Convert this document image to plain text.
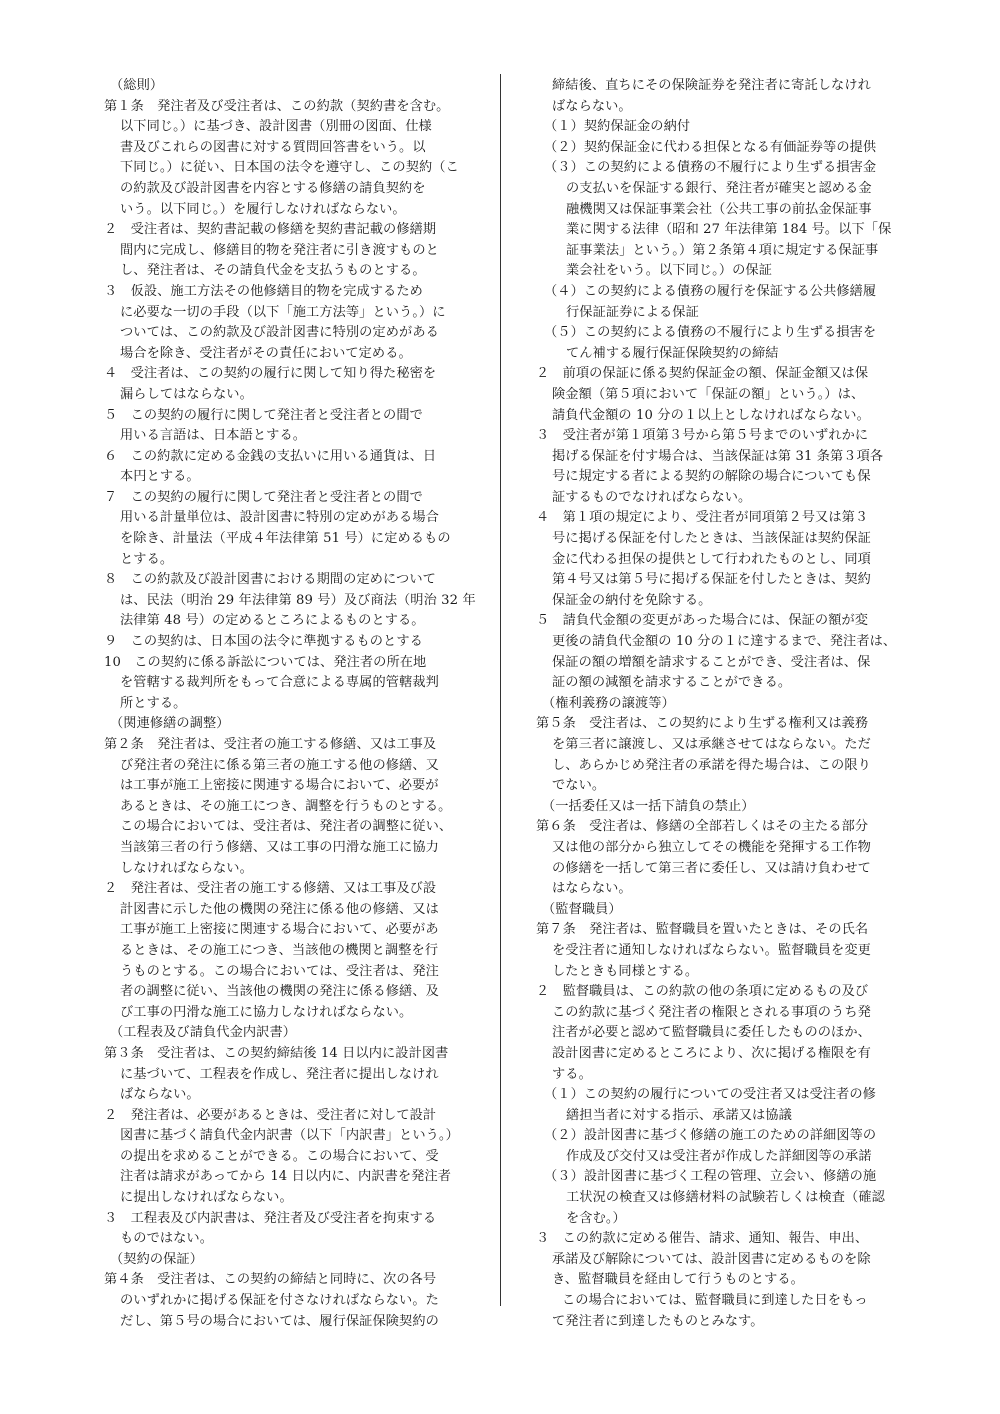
（総則）
第１条　発注者及び受注者は、この約款（契約書を含む。
以下同じ。）に基づき、設計図書（別冊の図面、仕様
書及びこれらの図書に対する質問回答書をいう。以
下同じ。）に従い、日本国の法令を遵守し、この契約（こ
の約款及び設計図書を内容とする修繕の請負契約を
いう。以下同じ。）を履行しなければならない。
２　受注者は、契約書記載の修繕を契約書記載の修繕期
間内に完成し、修繕目的物を発注者に引き渡すものと
し、発注者は、その請負代金を支払うものとする。
３　仮設、施工方法その他修繕目的物を完成するため
に必要な一切の手段（以下「施工方法等」という。）に
ついては、この約款及び設計図書に特別の定めがある
場合を除き、受注者がその責任において定める。
４　受注者は、この契約の履行に関して知り得た秘密を
漏らしてはならない。
５　この契約の履行に関して発注者と受注者との間で
用いる言語は、日本語とする。
６　この約款に定める金銭の支払いに用いる通貨は、日
本円とする。
７　この契約の履行に関して発注者と受注者との間で
用いる計量単位は、設計図書に特別の定めがある場合
を除き、計量法（平成４年法律第 51 号）に定めるもの
とする。
８　この約款及び設計図書における期間の定めについて
は、民法（明治 29 年法律第 89 号）及び商法（明治 32 年
法律第 48 号）の定めるところによるものとする。
９　この契約は、日本国の法令に準拠するものとする
10　この契約に係る訴訟については、発注者の所在地
を管轄する裁判所をもって合意による専属的管轄裁判
所とする。
（関連修繕の調整）
第２条　発注者は、受注者の施工する修繕、又は工事及
び発注者の発注に係る第三者の施工する他の修繕、又
は工事が施工上密接に関連する場合において、必要が
あるときは、その施工につき、調整を行うものとする。
この場合においては、受注者は、発注者の調整に従い、
当該第三者の行う修繕、又は工事の円滑な施工に協力
しなければならない。
２　発注者は、受注者の施工する修繕、又は工事及び設
計図書に示した他の機関の発注に係る他の修繕、又は
工事が施工上密接に関連する場合において、必要があ
るときは、その施工につき、当該他の機関と調整を行
うものとする。この場合においては、受注者は、発注
者の調整に従い、当該他の機関の発注に係る修繕、及
び工事の円滑な施工に協力しなければならない。
（工程表及び請負代金内訳書）
第３条　受注者は、この契約締結後 14 日以内に設計図書
に基づいて、工程表を作成し、発注者に提出しなけれ
ばならない。
２　発注者は、必要があるときは、受注者に対して設計
図書に基づく請負代金内訳書（以下「内訳書」という。）
の提出を求めることができる。この場合において、受
注者は請求があってから 14 日以内に、内訳書を発注者
に提出しなければならない。
３　工程表及び内訳書は、発注者及び受注者を拘束する
ものではない。
（契約の保証）
第４条　受注者は、この契約の締結と同時に、次の各号
のいずれかに掲げる保証を付さなければならない。た
だし、第５号の場合においては、履行保証保険契約の
締結後、直ちにその保険証券を発注者に寄託しなけれ
ばならない。
（１）契約保証金の納付
（２）契約保証金に代わる担保となる有価証券等の提供
（３）この契約による債務の不履行により生ずる損害金
の支払いを保証する銀行、発注者が確実と認める金
融機関又は保証事業会社（公共工事の前払金保証事
業に関する法律（昭和 27 年法律第 184 号。以下「保
証事業法」という。）第２条第４項に規定する保証事
業会社をいう。以下同じ。）の保証
（４）この契約による債務の履行を保証する公共修繕履
行保証証券による保証
（５）この契約による債務の不履行により生ずる損害を
てん補する履行保証保険契約の締結
２　前項の保証に係る契約保証金の額、保証金額又は保
険金額（第５項において「保証の額」という。）は、
請負代金額の 10 分の１以上としなければならない。
３　受注者が第１項第３号から第５号までのいずれかに
掲げる保証を付す場合は、当該保証は第 31 条第３項各
号に規定する者による契約の解除の場合についても保
証するものでなければならない。
４　第１項の規定により、受注者が同項第２号又は第３
号に掲げる保証を付したときは、当該保証は契約保証
金に代わる担保の提供として行われたものとし、同項
第４号又は第５号に掲げる保証を付したときは、契約
保証金の納付を免除する。
５　請負代金額の変更があった場合には、保証の額が変
更後の請負代金額の 10 分の１に達するまで、発注者は、
保証の額の増額を請求することができ、受注者は、保
証の額の減額を請求することができる。
（権利義務の譲渡等）
第５条　受注者は、この契約により生ずる権利又は義務
を第三者に譲渡し、又は承継させてはならない。ただ
し、あらかじめ発注者の承諾を得た場合は、この限り
でない。
（一括委任又は一括下請負の禁止）
第６条　受注者は、修繕の全部若しくはその主たる部分
又は他の部分から独立してその機能を発揮する工作物
の修繕を一括して第三者に委任し、又は請け負わせて
はならない。
（監督職員）
第７条　発注者は、監督職員を置いたときは、その氏名
を受注者に通知しなければならない。監督職員を変更
したときも同様とする。
２　監督職員は、この約款の他の条項に定めるもの及び
この約款に基づく発注者の権限とされる事項のうち発
注者が必要と認めて監督職員に委任したもののほか、
設計図書に定めるところにより、次に掲げる権限を有
する。
（１）この契約の履行についての受注者又は受注者の修
繕担当者に対する指示、承諾又は協議
（２）設計図書に基づく修繕の施工のための詳細図等の
作成及び交付又は受注者が作成した詳細図等の承諾
（３）設計図書に基づく工程の管理、立会い、修繕の施
工状況の検査又は修繕材料の試験若しくは検査（確認
を含む。）
３　この約款に定める催告、請求、通知、報告、申出、
承諾及び解除については、設計図書に定めるものを除
き、監督職員を経由して行うものとする。
この場合においては、監督職員に到達した日をもっ
て発注者に到達したものとみなす。
